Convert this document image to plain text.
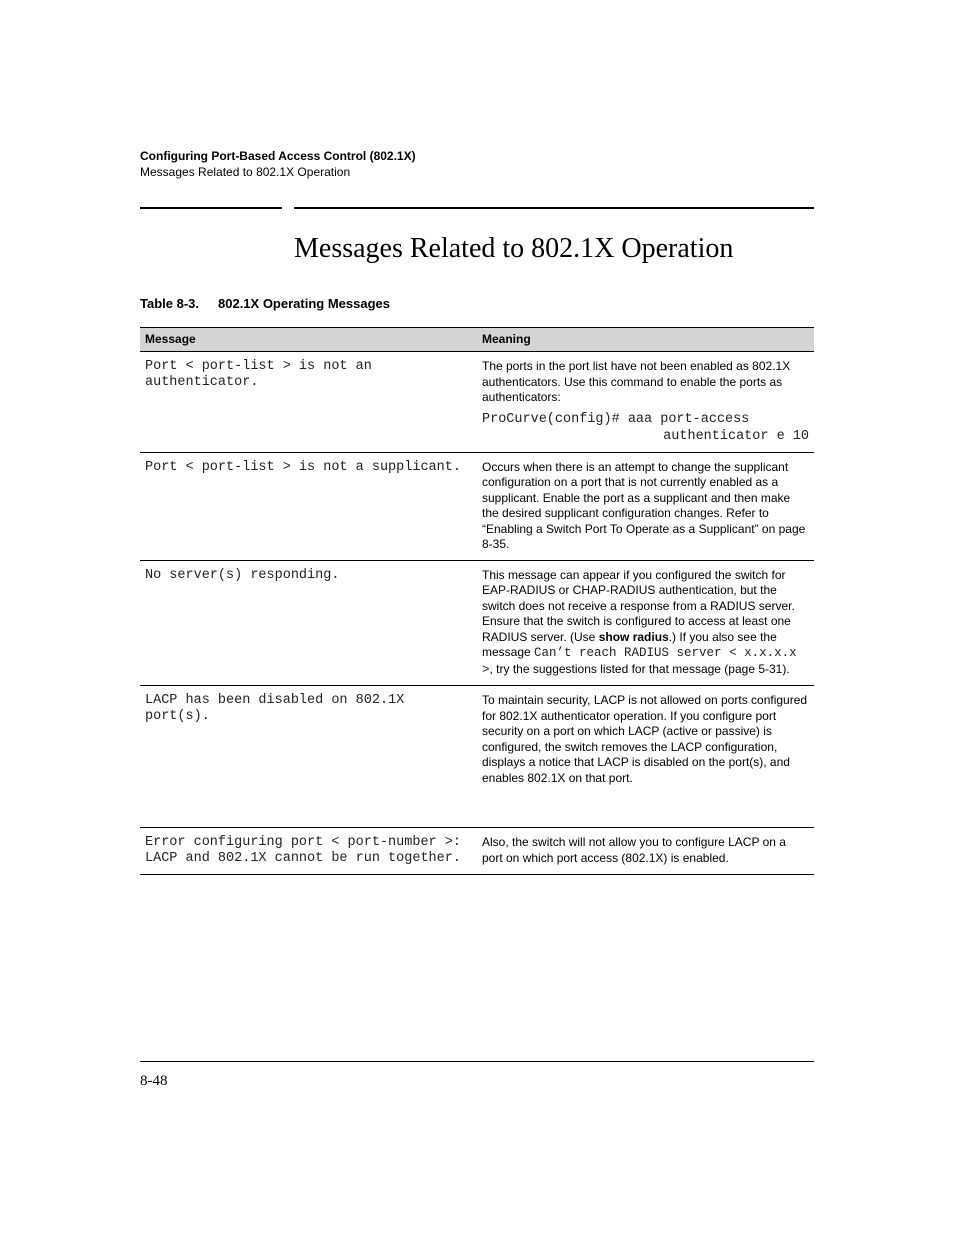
Configuring Port-Based Access Control (802.1X)
Messages Related to 802.1X Operation
Messages Related to 802.1X Operation
Table 8-3. 802.1X Operating Messages
Message	Meaning
Port < port-list > is not an authenticator.	The ports in the port list have not been enabled as 802.1X authenticators. Use this command to enable the ports as authenticators:
ProCurve(config)# aaa port-access
authenticator e 10

Port < port-list > is not a supplicant.	Occurs when there is an attempt to change the supplicant configuration on a port that is not currently enabled as a supplicant. Enable the port as a supplicant and then make the desired supplicant configuration changes. Refer to “Enabling a Switch Port To Operate as a Supplicant” on page 8-35.
No server(s) responding.	This message can appear if you configured the switch for EAP-RADIUS or CHAP-RADIUS authentication, but the switch does not receive a response from a RADIUS server. Ensure that the switch is configured to access at least one RADIUS server. (Use show radius.) If you also see the message Can’t reach RADIUS server < x.x.x.x >, try the suggestions listed for that message (page 5-31).
LACP has been disabled on 802.1X port(s).	To maintain security, LACP is not allowed on ports configured for 802.1X authenticator operation. If you configure port security on a port on which LACP (active or passive) is configured, the switch removes the LACP configuration, displays a notice that LACP is disabled on the port(s), and enables 802.1X on that port.

Error configuring port < port-number >: LACP and 802.1X cannot be run together.	Also, the switch will not allow you to configure LACP on a port on which port access (802.1X) is enabled.
8-48
